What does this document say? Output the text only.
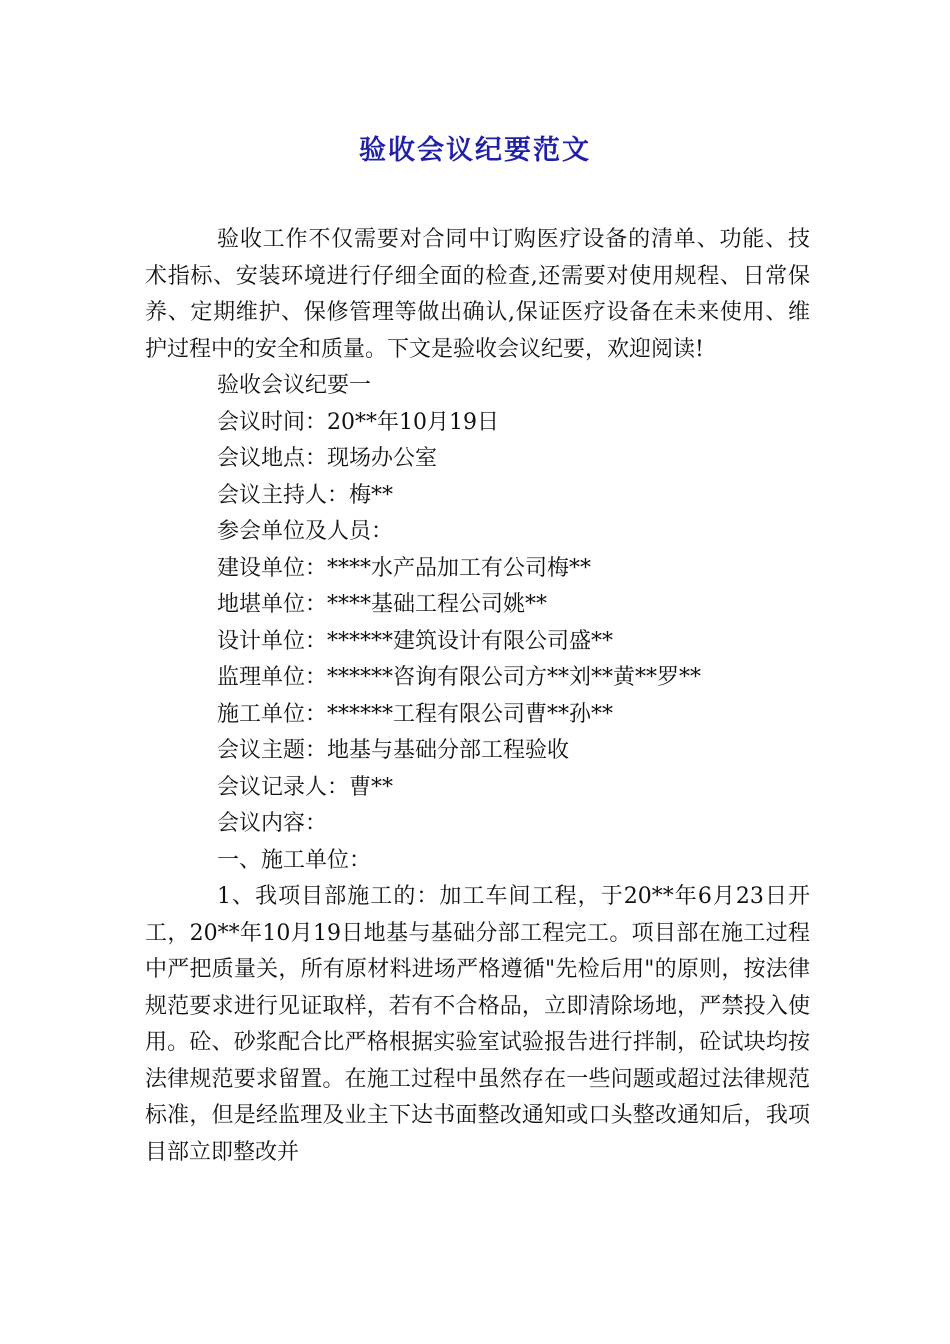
验收会议纪要范文

验收工作不仅需要对合同中订购医疗设备的清单、功能、技术指标、安装环境进行仔细全面的检查,还需要对使用规程、日常保养、定期维护、保修管理等做出确认,保证医疗设备在未来使用、维护过程中的安全和质量。下文是验收会议纪要，欢迎阅读!

验收会议纪要一

会议时间：20**年10月19日

会议地点：现场办公室

会议主持人：梅**

参会单位及人员：

建设单位：****水产品加工有公司梅**

地堪单位：****基础工程公司姚**

设计单位：******建筑设计有限公司盛**

监理单位：******咨询有限公司方**刘**黄**罗**

施工单位：******工程有限公司曹**孙**

会议主题：地基与基础分部工程验收

会议记录人：曹**

会议内容：

一、施工单位：

1、我项目部施工的：加工车间工程，于20**年6月23日开工，20**年10月19日地基与基础分部工程完工。项目部在施工过程中严把质量关，所有原材料进场严格遵循"先检后用"的原则，按法律规范要求进行见证取样，若有不合格品，立即清除场地，严禁投入使用。砼、砂浆配合比严格根据实验室试验报告进行拌制，砼试块均按法律规范要求留置。在施工过程中虽然存在一些问题或超过法律规范标准，但是经监理及业主下达书面整改通知或口头整改通知后，我项目部立即整改并
